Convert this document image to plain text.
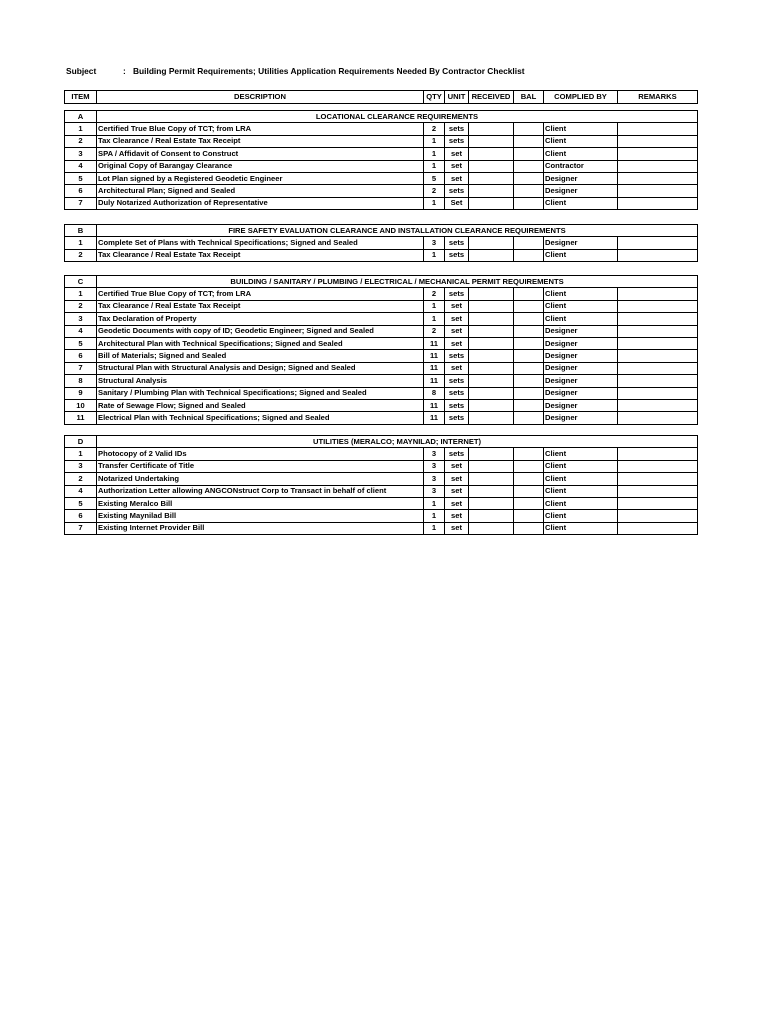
Subject	: Building Permit Requirements; Utilities Application Requirements Needed By Contractor Checklist
ITEM	DESCRIPTION	QTY	UNIT	RECEIVED	BAL	COMPLIED BY	REMARKS
A	LOCATIONAL CLEARANCE REQUIREMENTS						
1	Certified True Blue Copy of TCT; from LRA	2	sets			Client	
2	Tax Clearance / Real Estate Tax Receipt	1	sets			Client	
3	SPA / Affidavit of Consent to Construct	1	set			Client	
4	Original Copy of Barangay Clearance	1	set			Contractor	
5	Lot Plan signed by a Registered Geodetic Engineer	5	set			Designer	
6	Architectural Plan; Signed and Sealed	2	sets			Designer	
7	Duly Notarized Authorization of Representative	1	Set			Client	
B	FIRE SAFETY EVALUATION CLEARANCE AND INSTALLATION CLEARANCE REQUIREMENTS						
1	Complete Set of Plans with Technical Specifications; Signed and Sealed	3	sets			Designer	
2	Tax Clearance / Real Estate Tax Receipt	1	sets			Client	
C	BUILDING / SANITARY / PLUMBING / ELECTRICAL / MECHANICAL PERMIT REQUIREMENTS						
1	Certified True Blue Copy of TCT; from LRA	2	sets			Client	
2	Tax Clearance / Real Estate Tax Receipt	1	set			Client	
3	Tax Declaration of Property	1	set			Client	
4	Geodetic Documents with copy of ID; Geodetic Engineer; Signed and Sealed	2	set			Designer	
5	Architectural Plan with Technical Specifications; Signed and Sealed	11	set			Designer	
6	Bill of Materials; Signed and Sealed	11	sets			Designer	
7	Structural Plan with Structural Analysis and Design; Signed and Sealed	11	set			Designer	
8	Structural Analysis	11	sets			Designer	
9	Sanitary / Plumbing Plan with Technical Specifications; Signed and Sealed	8	sets			Designer	
10	Rate of Sewage Flow; Signed and Sealed	11	sets			Designer	
11	Electrical Plan with Technical Specifications; Signed and Sealed	11	sets			Designer	
D	UTILITIES (MERALCO; MAYNILAD; INTERNET)						
1	Photocopy of 2 Valid IDs	3	sets			Client	
3	Transfer Certificate of Title	3	set			Client	
2	Notarized Undertaking	3	set			Client	
4	Authorization Letter allowing ANGCONstruct Corp to Transact in behalf of client	3	set			Client	
5	Existing Meralco Bill	1	set			Client	
6	Existing Maynilad Bill	1	set			Client	
7	Existing Internet Provider Bill	1	set			Client	
